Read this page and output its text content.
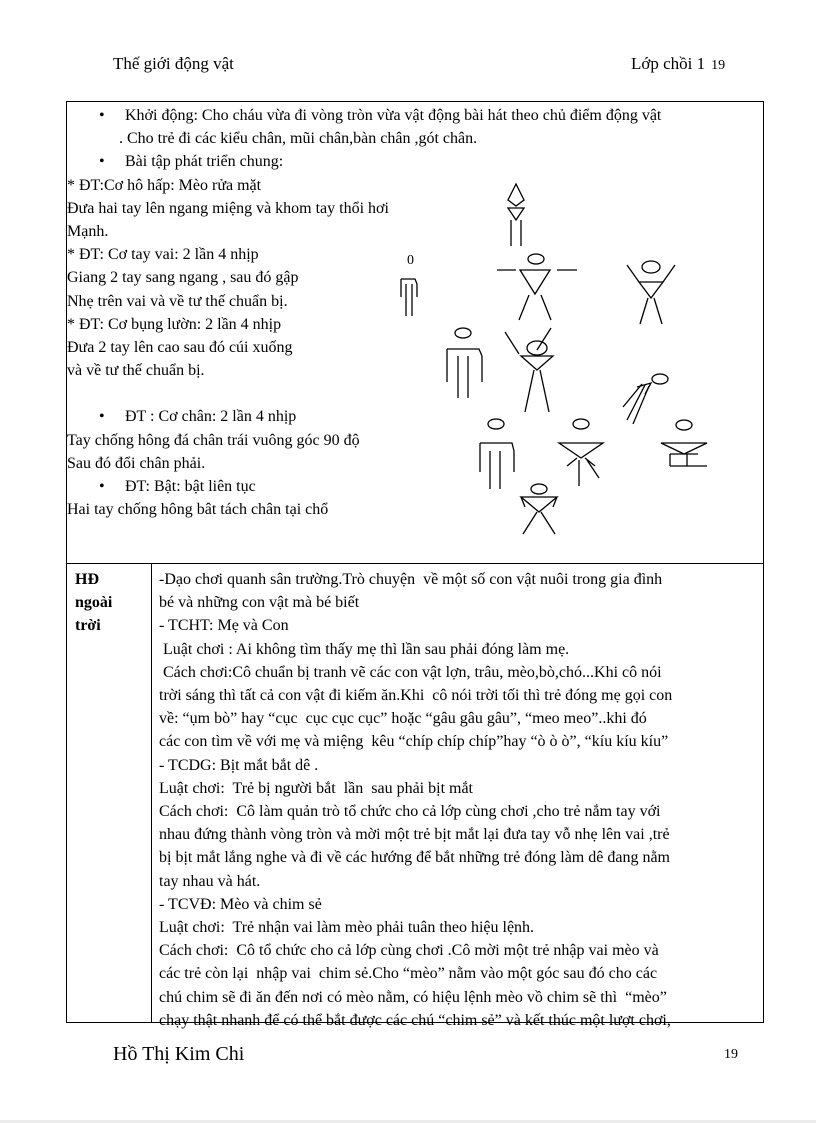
Thế giới động vật	Lớp chồi 1 19
• Khởi động: Cho cháu vừa đi vòng tròn vừa vật động bài hát theo chủ điểm động vật
. Cho trẻ đi các kiểu chân, mũi chân,bàn chân ,gót chân.
• Bài tập phát triển chung:
* ĐT:Cơ hô hấp: Mèo rửa mặt
Đưa hai tay lên ngang miệng và khom tay thổi hơi
Mạnh.
* ĐT: Cơ tay vai: 2 lần 4 nhịp
Giang 2 tay sang ngang , sau đó gập
Nhẹ trên vai và về tư thế chuẩn bị.
* ĐT: Cơ bụng lườn: 2 lần 4 nhịp
Đưa 2 tay lên cao sau đó cúi xuống
và về tư thế chuẩn bị.
• ĐT : Cơ chân: 2 lần 4 nhịp
Tay chống hông đá chân trái vuông góc 90 độ
Sau đó đổi chân phải.
• ĐT: Bật: bật liên tục
Hai tay chống hông bât tách chân tại chổ
0
HĐ
ngoài
trời
-Dạo chơi quanh sân trường.Trò chuyện  về một số con vật nuôi trong gia đình
bé và những con vật mà bé biết
- TCHT: Mẹ và Con
Luật chơi : Ai không tìm thấy mẹ thì lần sau phải đóng làm mẹ.
Cách chơi:Cô chuẩn bị tranh vẽ các con vật lợn, trâu, mèo,bò,chó...Khi cô nói
trời sáng thì tất cả con vật đi kiếm ăn.Khi  cô nói trời tối thì trẻ đóng mẹ gọi con
về: “ụm bò” hay “cục  cục cục cục” hoặc “gâu gâu gâu”, “meo meo”..khi đó
các con tìm về với mẹ và miệng  kêu “chíp chíp chíp”hay “ò ò ò”, “kíu kíu kíu”
- TCDG: Bịt mắt bắt dê .
Luật chơi:  Trẻ bị người bắt  lần  sau phải bịt mắt
Cách chơi:  Cô làm quản trò tổ chức cho cả lớp cùng chơi ,cho trẻ nắm tay với
nhau đứng thành vòng tròn và mời một trẻ bịt mắt lại đưa tay vỗ nhẹ lên vai ,trẻ
bị bịt mắt lắng nghe và đi về các hướng để bắt những trẻ đóng làm dê đang nằm
tay nhau và hát.
- TCVĐ: Mèo và chim sẻ
Luật chơi:  Trẻ nhận vai làm mèo phải tuân theo hiệu lệnh.
Cách chơi:  Cô tổ chức cho cả lớp cùng chơi .Cô mời một trẻ nhập vai mèo và
các trẻ còn lại  nhập vai  chim sẻ.Cho “mèo” nằm vào một góc sau đó cho các
chú chim sẽ đi ăn đến nơi có mèo nằm, có hiệu lệnh mèo vồ chim sẽ thì  “mèo”
chạy thật nhanh để có thể bắt được các chú “chim sẻ” và kết thúc một lượt chơi,
Hồ Thị Kim Chi	19
